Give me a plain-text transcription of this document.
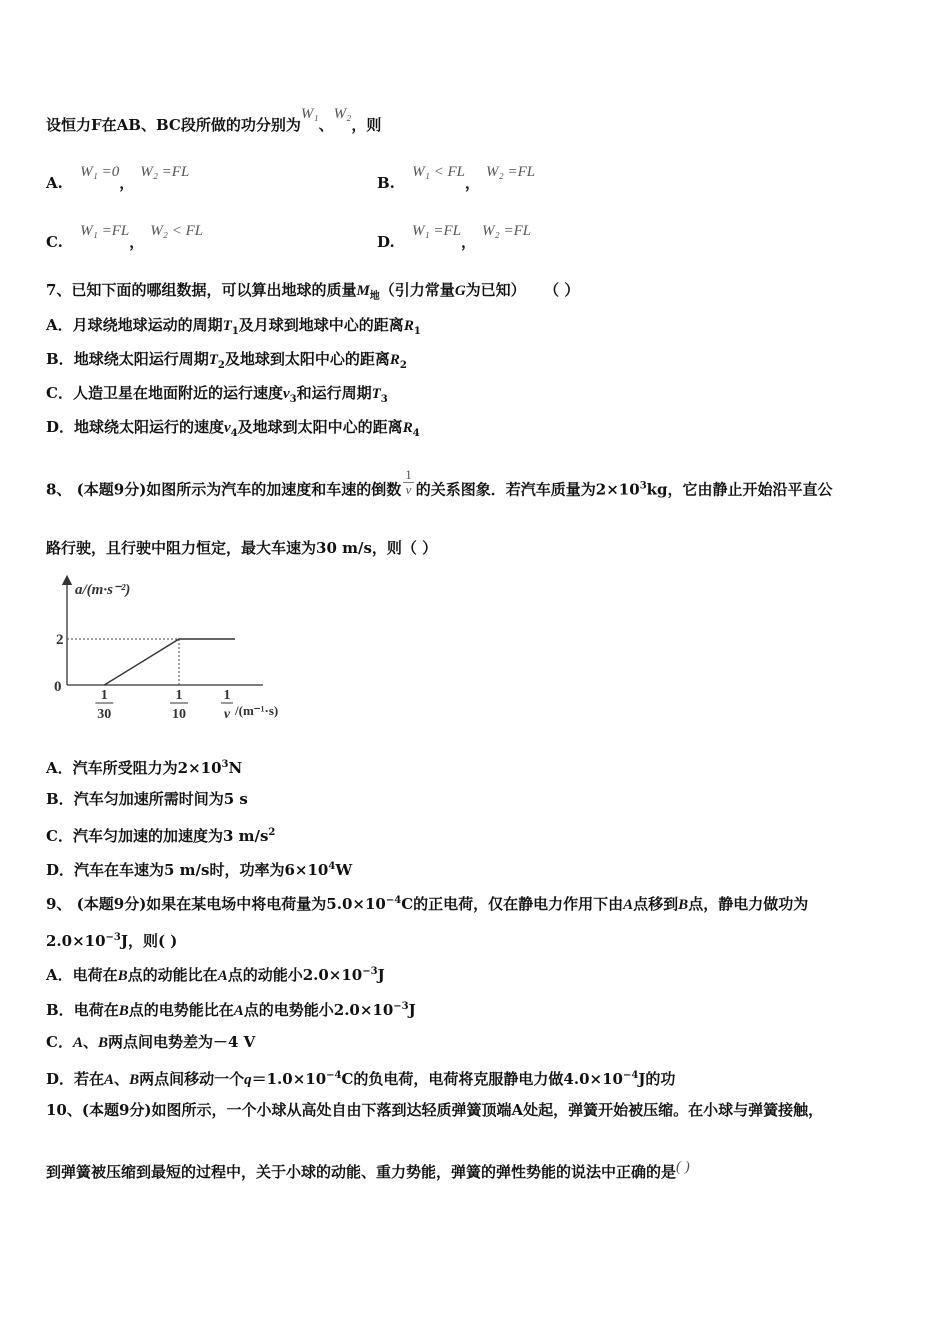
设恒力F在AB、BC段所做的功分别为W₁、W₂，则
A. W₁ =0，W₂ =FL
B. W₁ < FL，W₂ =FL
C. W₁ =FL，W₂ < FL
D. W₁ =FL，W₂ =FL
7、已知下面的哪组数据，可以算出地球的质量$M_地$（引力常量G为已知） （ ）
A．月球绕地球运动的周期$T_1$及月球到地球中心的距离$R_1$
B．地球绕太阳运行周期$T_2$及地球到太阳中心的距离$R_2$
C．人造卫星在地面附近的运行速度$v_3$和运行周期$T_3$
D．地球绕太阳运行的速度$v_4$及地球到太阳中心的距离$R_4$
8、 (本题9分)如图所示为汽车的加速度和车速的倒数 $\frac{1}{v}$ 的关系图象．若汽车质量为$2\times 10^3kg$，它由静止开始沿平直公
路行驶，且行驶中阻力恒定，最大车速为30 m/s，则（ ）
a/(m·s⁻²)
0
2
1
30
1
10
1
v /(m⁻¹·s)
A．汽车所受阻力为$2\times 10^3N$
B．汽车匀加速所需时间为5 s
C．汽车匀加速的加速度为3 $m/s^2$
D．汽车在车速为5 m/s时，功率为$6\times 10^4W$
9、 (本题9分)如果在某电场中将电荷量为$5.0\times 10^{-4}C$的正电荷，仅在静电力作用下由A点移到B点，静电力做功为
$2.0\times 10^{-3}J$，则( )
A．电荷在B点的动能比在A点的动能小$2.0\times 10^{-3}J$
B．电荷在B点的电势能比在A点的电势能小$2.0\times 10^{-3}J$
C．A、B两点间电势差为－4 V
D．若在A、B两点间移动一个$q=1.0\times 10^{-4}C$的负电荷，电荷将克服静电力做$4.0\times 10^{-4}J$的功
10、(本题9分)如图所示，一个小球从高处自由下落到达轻质弹簧顶端A处起，弹簧开始被压缩。在小球与弹簧接触，
到弹簧被压缩到最短的过程中，关于小球的动能、重力势能，弹簧的弹性势能的说法中正确的是( )
